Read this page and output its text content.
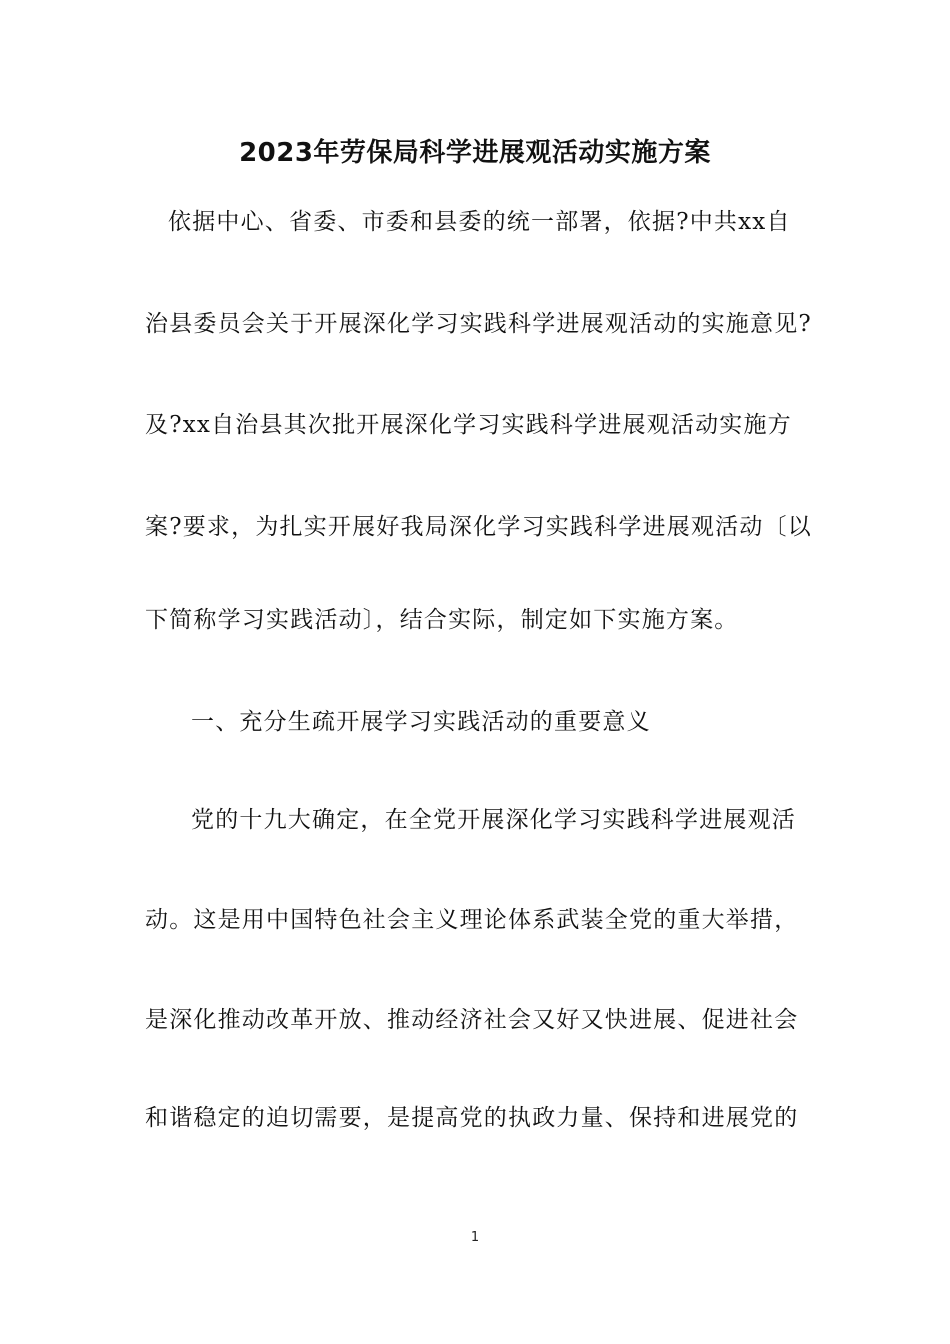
2023年劳保局科学进展观活动实施方案
依据中心、省委、市委和县委的统一部署，依据?中共xx自
治县委员会关于开展深化学习实践科学进展观活动的实施意见?
及?xx自治县其次批开展深化学习实践科学进展观活动实施方
案?要求，为扎实开展好我局深化学习实践科学进展观活动〔以
下简称学习实践活动〕，结合实际，制定如下实施方案。
一、充分生疏开展学习实践活动的重要意义
党的十九大确定，在全党开展深化学习实践科学进展观活
动。这是用中国特色社会主义理论体系武装全党的重大举措，
是深化推动改革开放、推动经济社会又好又快进展、促进社会
和谐稳定的迫切需要，是提高党的执政力量、保持和进展党的
1
